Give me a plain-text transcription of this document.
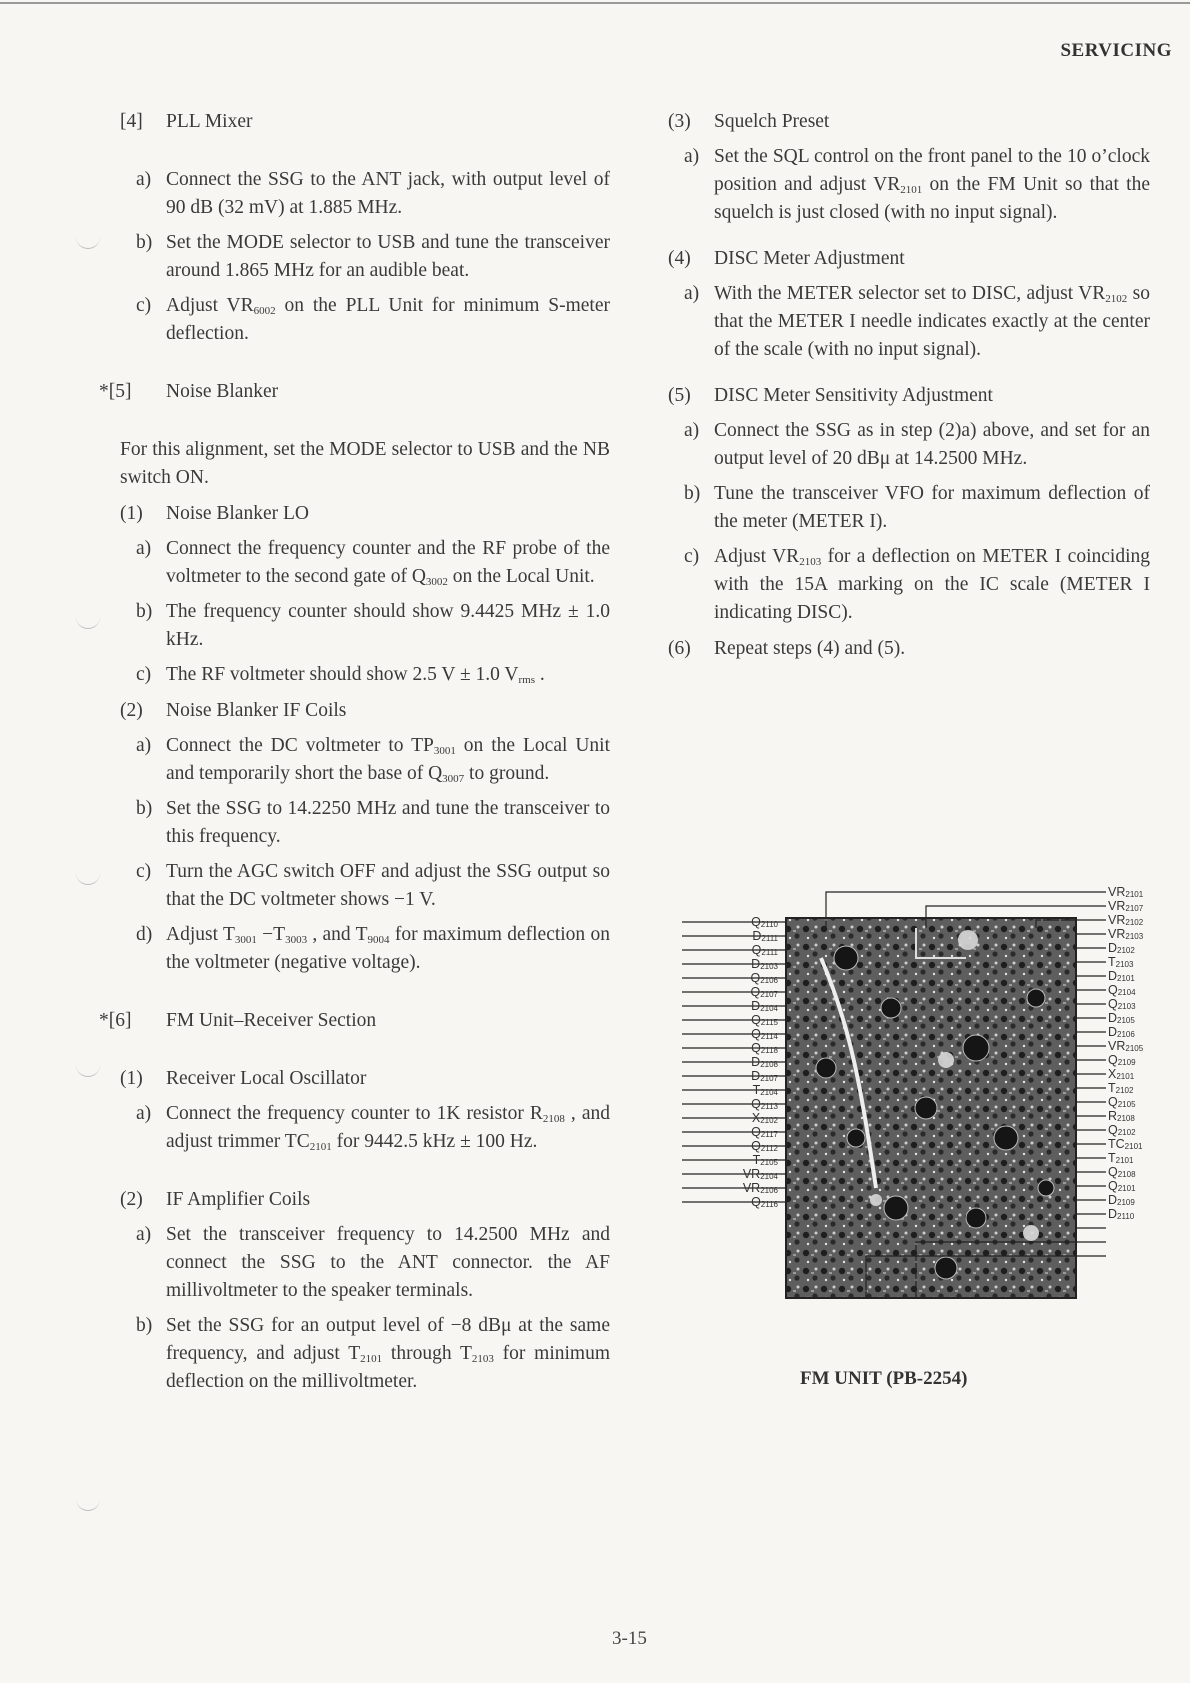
SERVICING
[4]	PLL Mixer
a) Connect the SSG to the ANT jack, with output level of 90 dB (32 mV) at 1.885 MHz.
b) Set the MODE selector to USB and tune the transceiver around 1.865 MHz for an audible beat.
c) Adjust $VR_{6002}$ on the PLL Unit for minimum S-meter deflection.
*[5]	Noise Blanker
For this alignment, set the MODE selector to USB and the NB switch ON.
(1)	Noise Blanker LO
a) Connect the frequency counter and the RF probe of the voltmeter to the second gate of $Q_{3002}$ on the Local Unit.
b) The frequency counter should show 9.4425 MHz ± 1.0 kHz.
c) The RF voltmeter should show 2.5 V ± 1.0 $V_{rms}$ .
(2)	Noise Blanker IF Coils
a) Connect the DC voltmeter to $TP_{3001}$ on the Local Unit and temporarily short the base of $Q_{3007}$ to ground.
b) Set the SSG to 14.2250 MHz and tune the transceiver to this frequency.
c) Turn the AGC switch OFF and adjust the SSG output so that the DC voltmeter shows −1 V.
d) Adjust $T_{3001} -T_{3003}$ , and $T_{9004}$ for maximum deflection on the voltmeter (negative voltage).
*[6]	FM Unit–Receiver Section
(1)	Receiver Local Oscillator
a) Connect the frequency counter to 1K resistor $R_{2108}$ , and adjust trimmer $TC_{2101}$ for 9442.5 kHz ± 100 Hz.
(2)	IF Amplifier Coils
a) Set the transceiver frequency to 14.2500 MHz and connect the SSG to the ANT connector. the AF millivoltmeter to the speaker terminals.
b) Set the SSG for an output level of −8 dBμ at the same frequency, and adjust $T_{2101}$ through $T_{2103}$ for minimum deflection on the millivoltmeter.
(3)	Squelch Preset
a) Set the SQL control on the front panel to the 10 o’clock position and adjust $VR_{2101}$ on the FM Unit so that the squelch is just closed (with no input signal).
(4)	DISC Meter Adjustment
a) With the METER selector set to DISC, adjust $VR_{2102}$ so that the METER I needle indicates exactly at the center of the scale (with no input signal).
(5)	DISC Meter Sensitivity Adjustment
a) Connect the SSG as in step (2)a) above, and set for an output level of 20 dBμ at 14.2500 MHz.
b) Tune the transceiver VFO for maximum deflection of the meter (METER I).
c) Adjust $VR_{2103}$ for a deflection on METER I coinciding with the 15A marking on the IC scale (METER I indicating DISC).
(6)	Repeat steps (4) and (5).
$Q_{2110}$
$D_{2111}$
$Q_{2111}$
$D_{2103}$
$Q_{2106}$
$Q_{2107}$
$D_{2104}$
$Q_{2115}$
$Q_{2114}$
$Q_{2118}$
$D_{2108}$
$D_{2107}$
$T_{2104}$
$Q_{2113}$
$X_{2102}$
$Q_{2117}$
$Q_{2112}$
$T_{2105}$
$VR_{2104}$
$VR_{2106}$
$Q_{2116}$
$VR_{2101}$
$VR_{2107}$
$VR_{2102}$
$VR_{2103}$
$D_{2102}$
$T_{2103}$
$D_{2101}$
$Q_{2104}$
$Q_{2103}$
$D_{2105}$
$D_{2106}$
$VR_{2105}$
$Q_{2109}$
$X_{2101}$
$T_{2102}$
$Q_{2105}$
$R_{2108}$
$Q_{2102}$
$TC_{2101}$
$T_{2101}$
$Q_{2108}$
$Q_{2101}$
$D_{2109}$
$D_{2110}$
FM UNIT (PB-2254)
3-15
